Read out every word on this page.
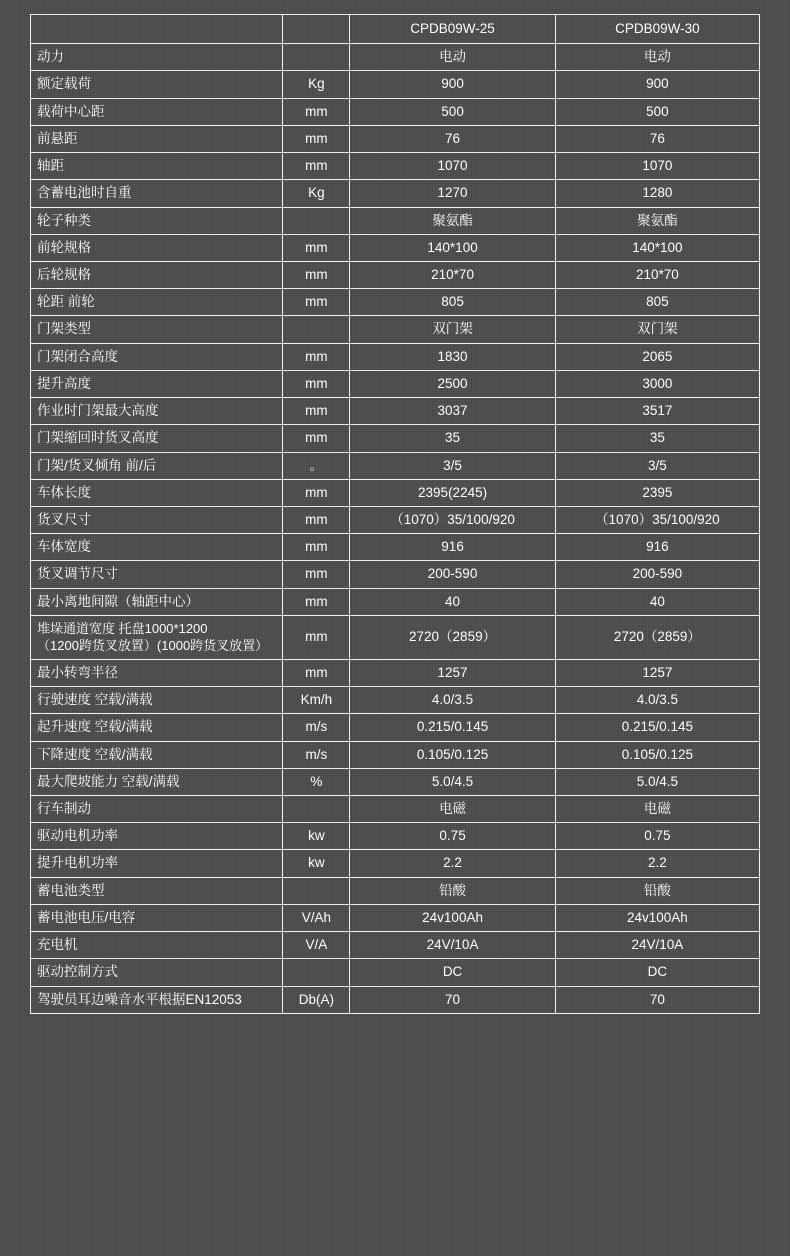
		CPDB09W-25	CPDB09W-30
动力		电动	电动
额定载荷	Kg	900	900
载荷中心距	mm	500	500
前悬距	mm	76	76
轴距	mm	1070	1070
含蓄电池时自重	Kg	1270	1280
轮子种类		聚氨酯	聚氨酯
前轮规格	mm	140*100	140*100
后轮规格	mm	210*70	210*70
轮距 前轮	mm	805	805
门架类型		双门架	双门架
门架闭合高度	mm	1830	2065
提升高度	mm	2500	3000
作业时门架最大高度	mm	3037	3517
门架缩回时货叉高度	mm	35	35
门架/货叉倾角 前/后	。	3/5	3/5
车体长度	mm	2395(2245)	2395
货叉尺寸	mm	（1070）35/100/920	（1070）35/100/920
车体宽度	mm	916	916
货叉调节尺寸	mm	200-590	200-590
最小离地间隙（轴距中心）	mm	40	40

堆垛通道宽度 托盘1000*1200
（1200跨货叉放置）(1000跨货叉放置）	mm	2720（2859）	2720（2859）
最小转弯半径	mm	1257	1257
行驶速度 空载/满载	Km/h	4.0/3.5	4.0/3.5
起升速度 空载/满载	m/s	0.215/0.145	0.215/0.145
下降速度 空载/满载	m/s	0.105/0.125	0.105/0.125
最大爬坡能力 空载/满载	%	5.0/4.5	5.0/4.5
行车制动		电磁	电磁
驱动电机功率	kw	0.75	0.75
提升电机功率	kw	2.2	2.2
蓄电池类型		铅酸	铅酸
蓄电池电压/电容	V/Ah	24v100Ah	24v100Ah
充电机	V/A	24V/10A	24V/10A
驱动控制方式		DC	DC
驾驶员耳边噪音水平根据EN12053	Db(A)	70	70
